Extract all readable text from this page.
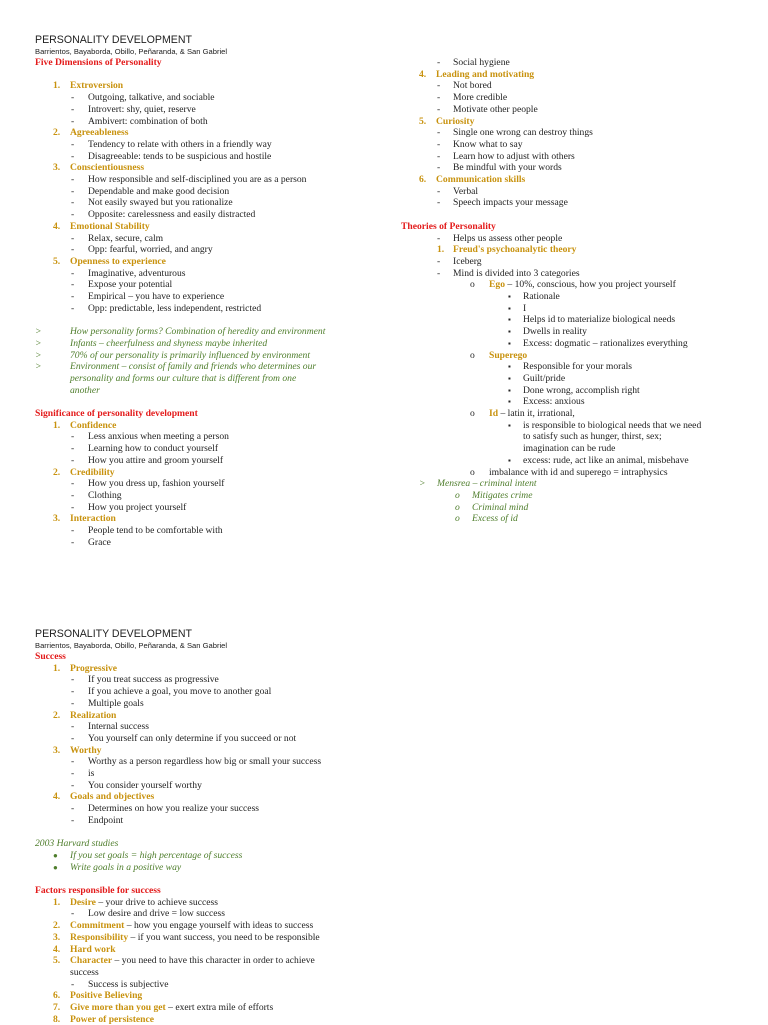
PERSONALITY DEVELOPMENT
Barrientos, Bayaborda, Obillo, Peñaranda, & San Gabriel
Five Dimensions of Personality
1. Extroversion
- Outgoing, talkative, and sociable
- Introvert: shy, quiet, reserve
- Ambivert: combination of both
2. Agreeableness
- Tendency to relate with others in a friendly way
- Disagreeable: tends to be suspicious and hostile
3. Conscientiousness
- How responsible and self-disciplined you are as a person
- Dependable and make good decision
- Not easily swayed but you rationalize
- Opposite: carelessness and easily distracted
4. Emotional Stability
- Relax, secure, calm
- Opp: fearful, worried, and angry
5. Openness to experience
- Imaginative, adventurous
- Expose your potential
- Empirical – you have to experience
- Opp: predictable, less independent, restricted
>	How personality forms? Combination of heredity and environment
>	Infants – cheerfulness and shyness maybe inherited
>	70% of our personality is primarily influenced by environment
>	Environment – consist of family and friends who determines our
personality and forms our culture that is different from one
another
Significance of personality development
1. Confidence
- Less anxious when meeting a person
- Learning how to conduct yourself
- How you attire and groom yourself
2. Credibility
- How you dress up, fashion yourself
- Clothing
- How you project yourself
3. Interaction
- People tend to be comfortable with
- Grace
- Social hygiene
4. Leading and motivating
- Not bored
- More credible
- Motivate other people
5. Curiosity
- Single one wrong can destroy things
- Know what to say
- Learn how to adjust with others
- Be mindful with your words
6. Communication skills
- Verbal
- Speech impacts your message
Theories of Personality
- Helps us assess other people
1. Freud's psychoanalytic theory
- Iceberg
- Mind is divided into 3 categories
o Ego – 10%, conscious, how you project yourself
▪ Rationale
▪ I
▪ Helps id to materialize biological needs
▪ Dwells in reality
▪ Excess: dogmatic – rationalizes everything
o Superego
▪ Responsible for your morals
▪ Guilt/pride
▪ Done wrong, accomplish right
▪ Excess: anxious
o Id – latin it, irrational,
▪ is responsible to biological needs that we need
to satisfy such as hunger, thirst, sex;
imagination can be rude
▪ excess: rude, act like an animal, misbehave
o imbalance with id and superego = intraphysics
> Mensrea – criminal intent
o Mitigates crime
o Criminal mind
o Excess of id
PERSONALITY DEVELOPMENT
Barrientos, Bayaborda, Obillo, Peñaranda, & San Gabriel
Success
1. Progressive
- If you treat success as progressive
- If you achieve a goal, you move to another goal
- Multiple goals
2. Realization
- Internal success
- You yourself can only determine if you succeed or not
3. Worthy
- Worthy as a person regardless how big or small your success
- is
- You consider yourself worthy
4. Goals and objectives
- Determines on how you realize your success
- Endpoint
2003 Harvard studies
● If you set goals = high percentage of success
● Write goals in a positive way
Factors responsible for success
1. Desire – your drive to achieve success
- Low desire and drive = low success
2. Commitment – how you engage yourself with ideas to success
3. Responsibility – if you want success, you need to be responsible
4. Hard work
5. Character – you need to have this character in order to achieve
success
- Success is subjective
6. Positive Believing
7. Give more than you get – exert extra mile of efforts
8. Power of persistence
